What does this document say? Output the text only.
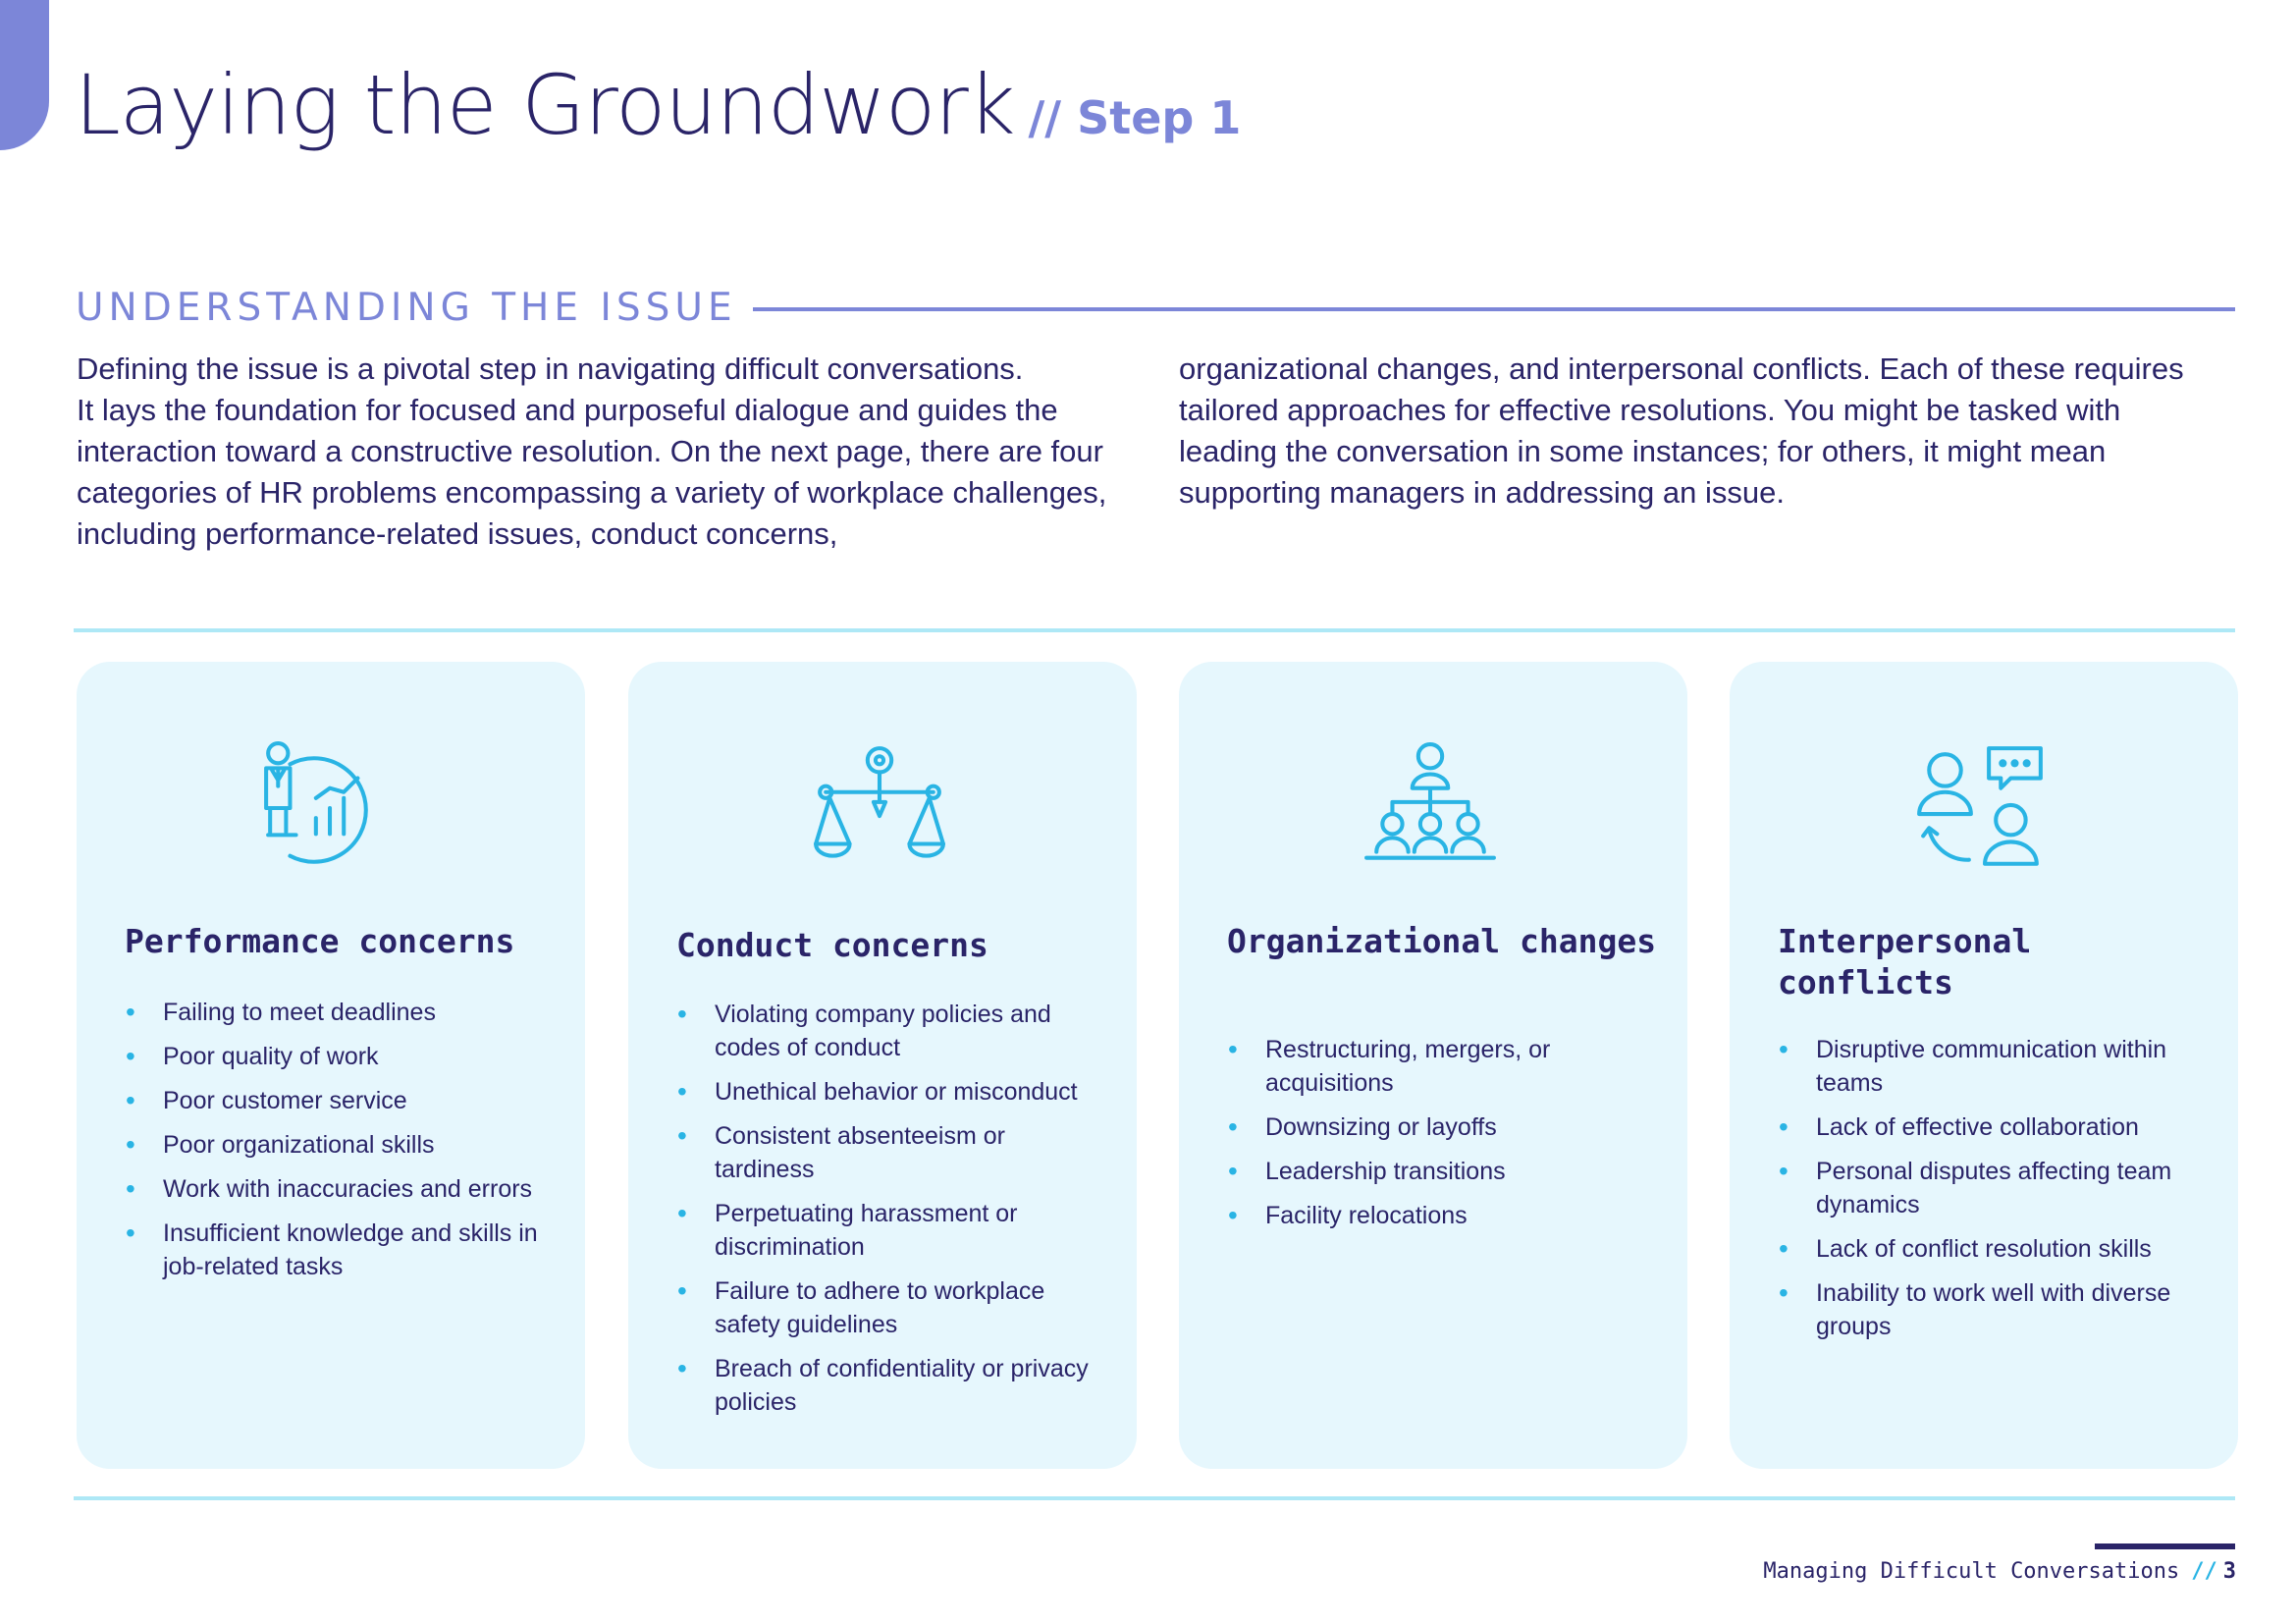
Laying the Groundwork // Step 1
UNDERSTANDING THE ISSUE
Defining the issue is a pivotal step in navigating difficult conversations.
It lays the foundation for focused and purposeful dialogue and guides the
interaction toward a constructive resolution. On the next page, there are four
categories of HR problems encompassing a variety of workplace challenges,
including performance-related issues, conduct concerns,
organizational changes, and interpersonal conflicts. Each of these requires
tailored approaches for effective resolutions. You might be tasked with
leading the conversation in some instances; for others, it might mean
supporting managers in addressing an issue.
Performance concerns
• Failing to meet deadlines
• Poor quality of work
• Poor customer service
• Poor organizational skills
• Work with inaccuracies and errors
• Insufficient knowledge and skills in job-related tasks
Conduct concerns
• Violating company policies and codes of conduct
• Unethical behavior or misconduct
• Consistent absenteeism or tardiness
• Perpetuating harassment or discrimination
• Failure to adhere to workplace safety guidelines
• Breach of confidentiality or privacy policies
Organizational changes
• Restructuring, mergers, or acquisitions
• Downsizing or layoffs
• Leadership transitions
• Facility relocations
Interpersonal conflicts
• Disruptive communication within teams
• Lack of effective collaboration
• Personal disputes affecting team dynamics
• Lack of conflict resolution skills
• Inability to work well with diverse groups
Managing Difficult Conversations // 3
